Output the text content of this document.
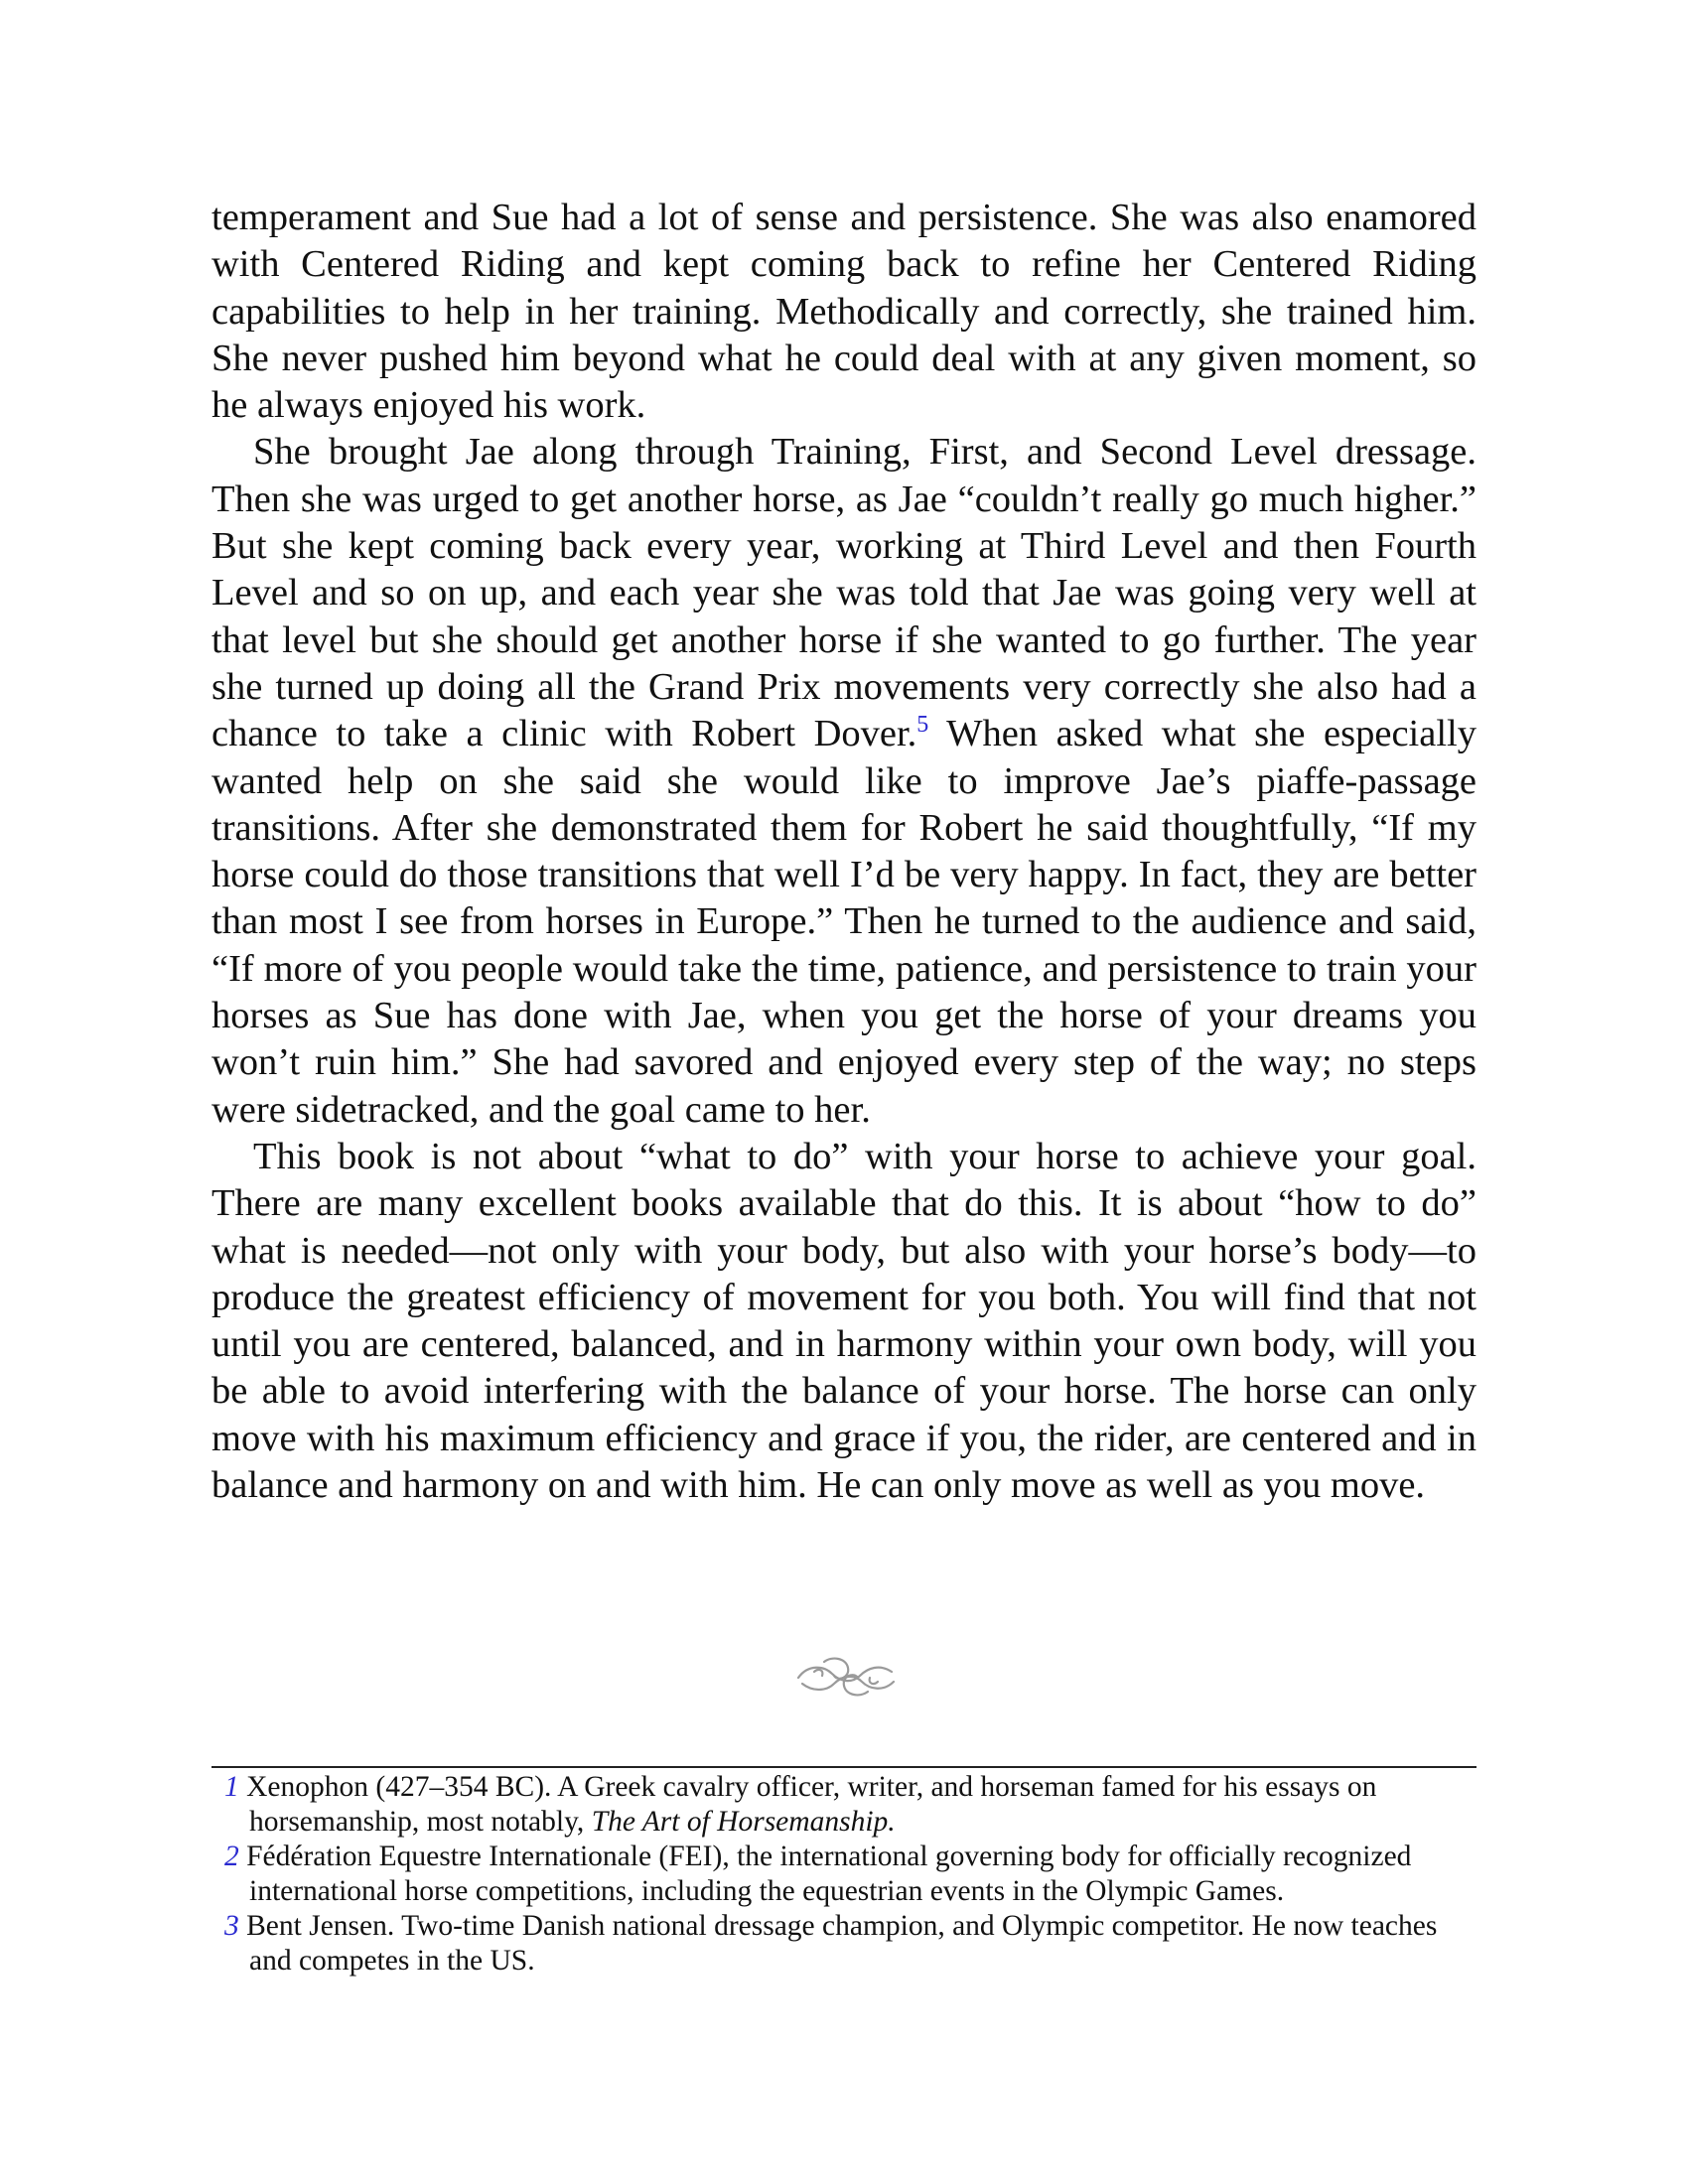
temperament and Sue had a lot of sense and persistence. She was also enamored with Centered Riding and kept coming back to refine her Centered Riding capabilities to help in her training. Methodically and correctly, she trained him. She never pushed him beyond what he could deal with at any given moment, so he always enjoyed his work.

She brought Jae along through Training, First, and Second Level dressage. Then she was urged to get another horse, as Jae “couldn’t really go much higher.” But she kept coming back every year, working at Third Level and then Fourth Level and so on up, and each year she was told that Jae was going very well at that level but she should get another horse if she wanted to go further. The year she turned up doing all the Grand Prix movements very correctly she also had a chance to take a clinic with Robert Dover.$^5$ When asked what she especially wanted help on she said she would like to improve Jae’s piaffe-passage transitions. After she demonstrated them for Robert he said thoughtfully, “If my horse could do those transitions that well I’d be very happy. In fact, they are better than most I see from horses in Europe.” Then he turned to the audience and said, “If more of you people would take the time, patience, and persistence to train your horses as Sue has done with Jae, when you get the horse of your dreams you won’t ruin him.” She had savored and enjoyed every step of the way; no steps were sidetracked, and the goal came to her.

This book is not about “what to do” with your horse to achieve your goal. There are many excellent books available that do this. It is about “how to do” what is needed—not only with your body, but also with your horse’s body—to produce the greatest efficiency of movement for you both. You will find that not until you are centered, balanced, and in harmony within your own body, will you be able to avoid interfering with the balance of your horse. The horse can only move with his maximum efficiency and grace if you, the rider, are centered and in balance and harmony on and with him. He can only move as well as you move.

1 Xenophon (427–354 BC). A Greek cavalry officer, writer, and horseman famed for his essays on horsemanship, most notably, The Art of Horsemanship.

2 Fédération Equestre Internationale (FEI), the international governing body for officially recognized international horse competitions, including the equestrian events in the Olympic Games.

3 Bent Jensen. Two-time Danish national dressage champion, and Olympic competitor. He now teaches and competes in the US.
